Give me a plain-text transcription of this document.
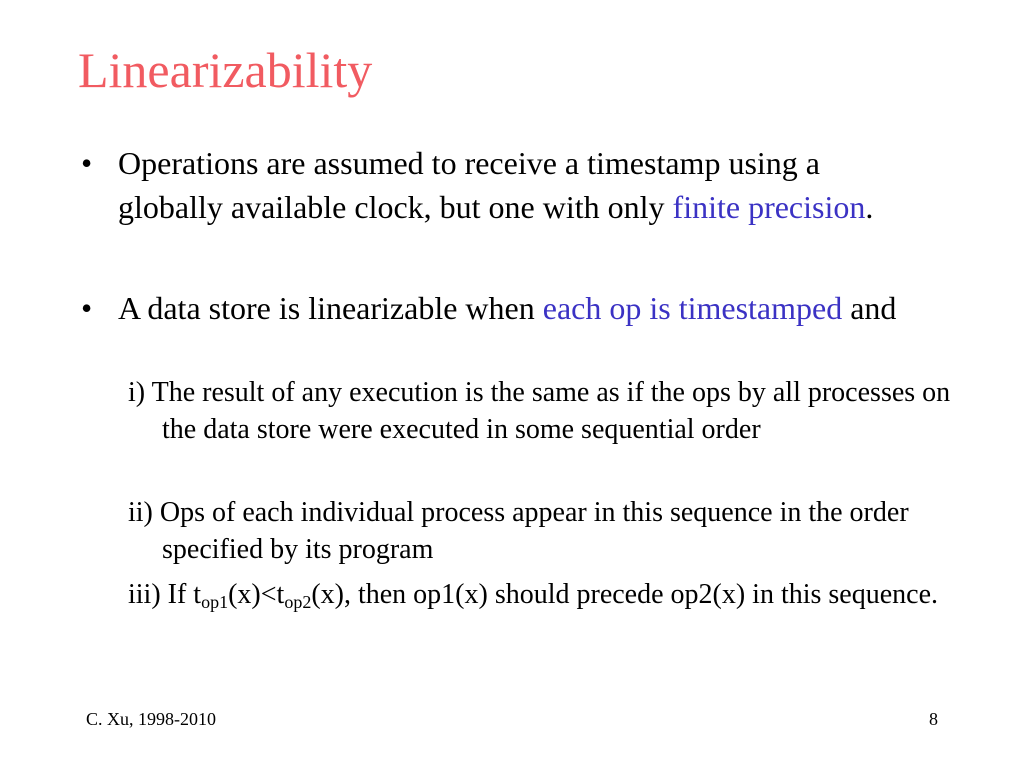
Linearizability
• Operations are assumed to receive a timestamp using a globally available clock, but one with only finite precision.
• A data store is linearizable when each op is timestamped and
i) The result of any execution is the same as if the ops by all processes on the data store were executed in some sequential order
ii) Ops of each individual process appear in this sequence in the order specified by its program
iii) If $t_{op1}(x)<t_{op2}(x)$, then op1(x) should precede op2(x) in this sequence.
C. Xu, 1998-2010	8
